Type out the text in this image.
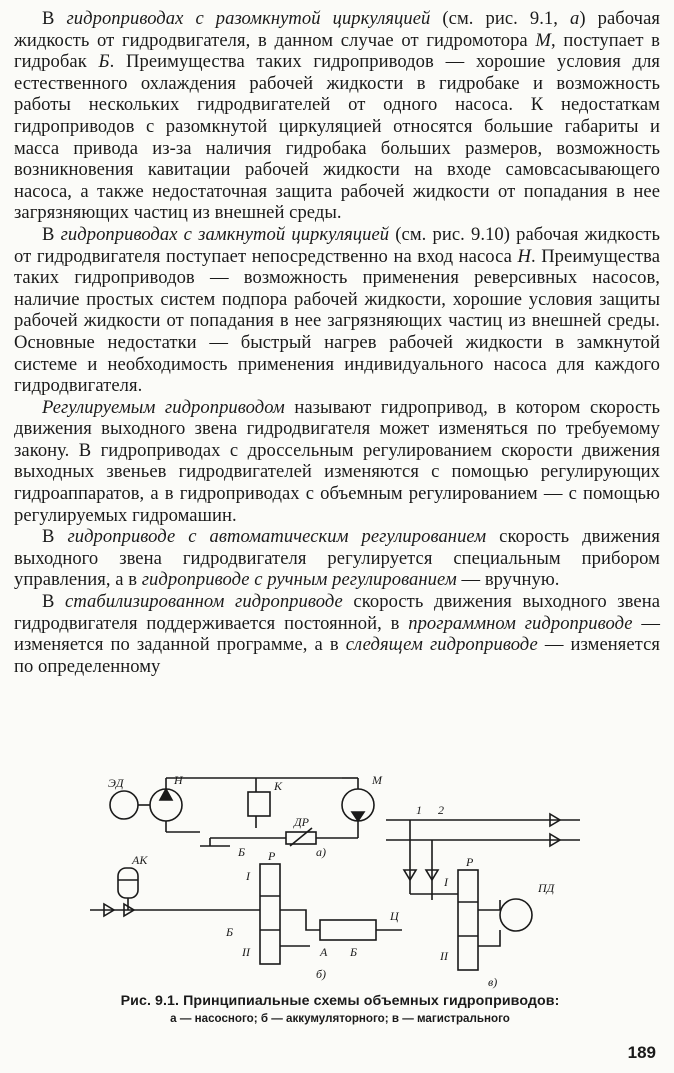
В гидроприводах с разомкнутой циркуляцией (см. рис. 9.1, а) рабочая жидкость от гидродвигателя, в данном случае от гидромотора М, поступает в гидробак Б. Преимущества таких гидроприводов — хорошие условия для естественного охлаждения рабочей жидкости в гидробаке и возможность работы нескольких гидродвигателей от одного насоса. К недостаткам гидроприводов с разомкнутой циркуляцией относятся большие габариты и масса привода из-за наличия гидробака больших размеров, возможность возникновения кавитации рабочей жидкости на входе самовсасывающего насоса, а также недостаточная защита рабочей жидкости от попадания в нее загрязняющих частиц из внешней среды.

В гидроприводах с замкнутой циркуляцией (см. рис. 9.10) рабочая жидкость от гидродвигателя поступает непосредственно на вход насоса Н. Преимущества таких гидроприводов — возможность применения реверсивных насосов, наличие простых систем подпора рабочей жидкости, хорошие условия защиты рабочей жидкости от попадания в нее загрязняющих частиц из внешней среды. Основные недостатки — быстрый нагрев рабочей жидкости в замкнутой системе и необходимость применения индивидуального насоса для каждого гидродвигателя.

Регулируемым гидроприводом называют гидропривод, в котором скорость движения выходного звена гидродвигателя может изменяться по требуемому закону. В гидроприводах с дроссельным регулированием скорости движения выходных звеньев гидродвигателей изменяются с помощью регулирующих гидроаппаратов, а в гидроприводах с объемным регулированием — с помощью регулируемых гидромашин.

В гидроприводе с автоматическим регулированием скорость движения выходного звена гидродвигателя регулируется специальным прибором управления, а в гидроприводе с ручным регулированием — вручную.

В стабилизированном гидроприводе скорость движения выходного звена гидродвигателя поддерживается постоянной, в программном гидроприводе — изменяется по заданной программе, а в следящем гидроприводе — изменяется по определенному

ЭД	Н	К	М
ДР
Б	а)
Р
I
II
АК
Б
А Б
Ц
б)
1 2
Р
I
II
ПД
в)
Рис. 9.1. Принципиальные схемы объемных гидроприводов:
а — насосного; б — аккумуляторного; в — магистрального
189
